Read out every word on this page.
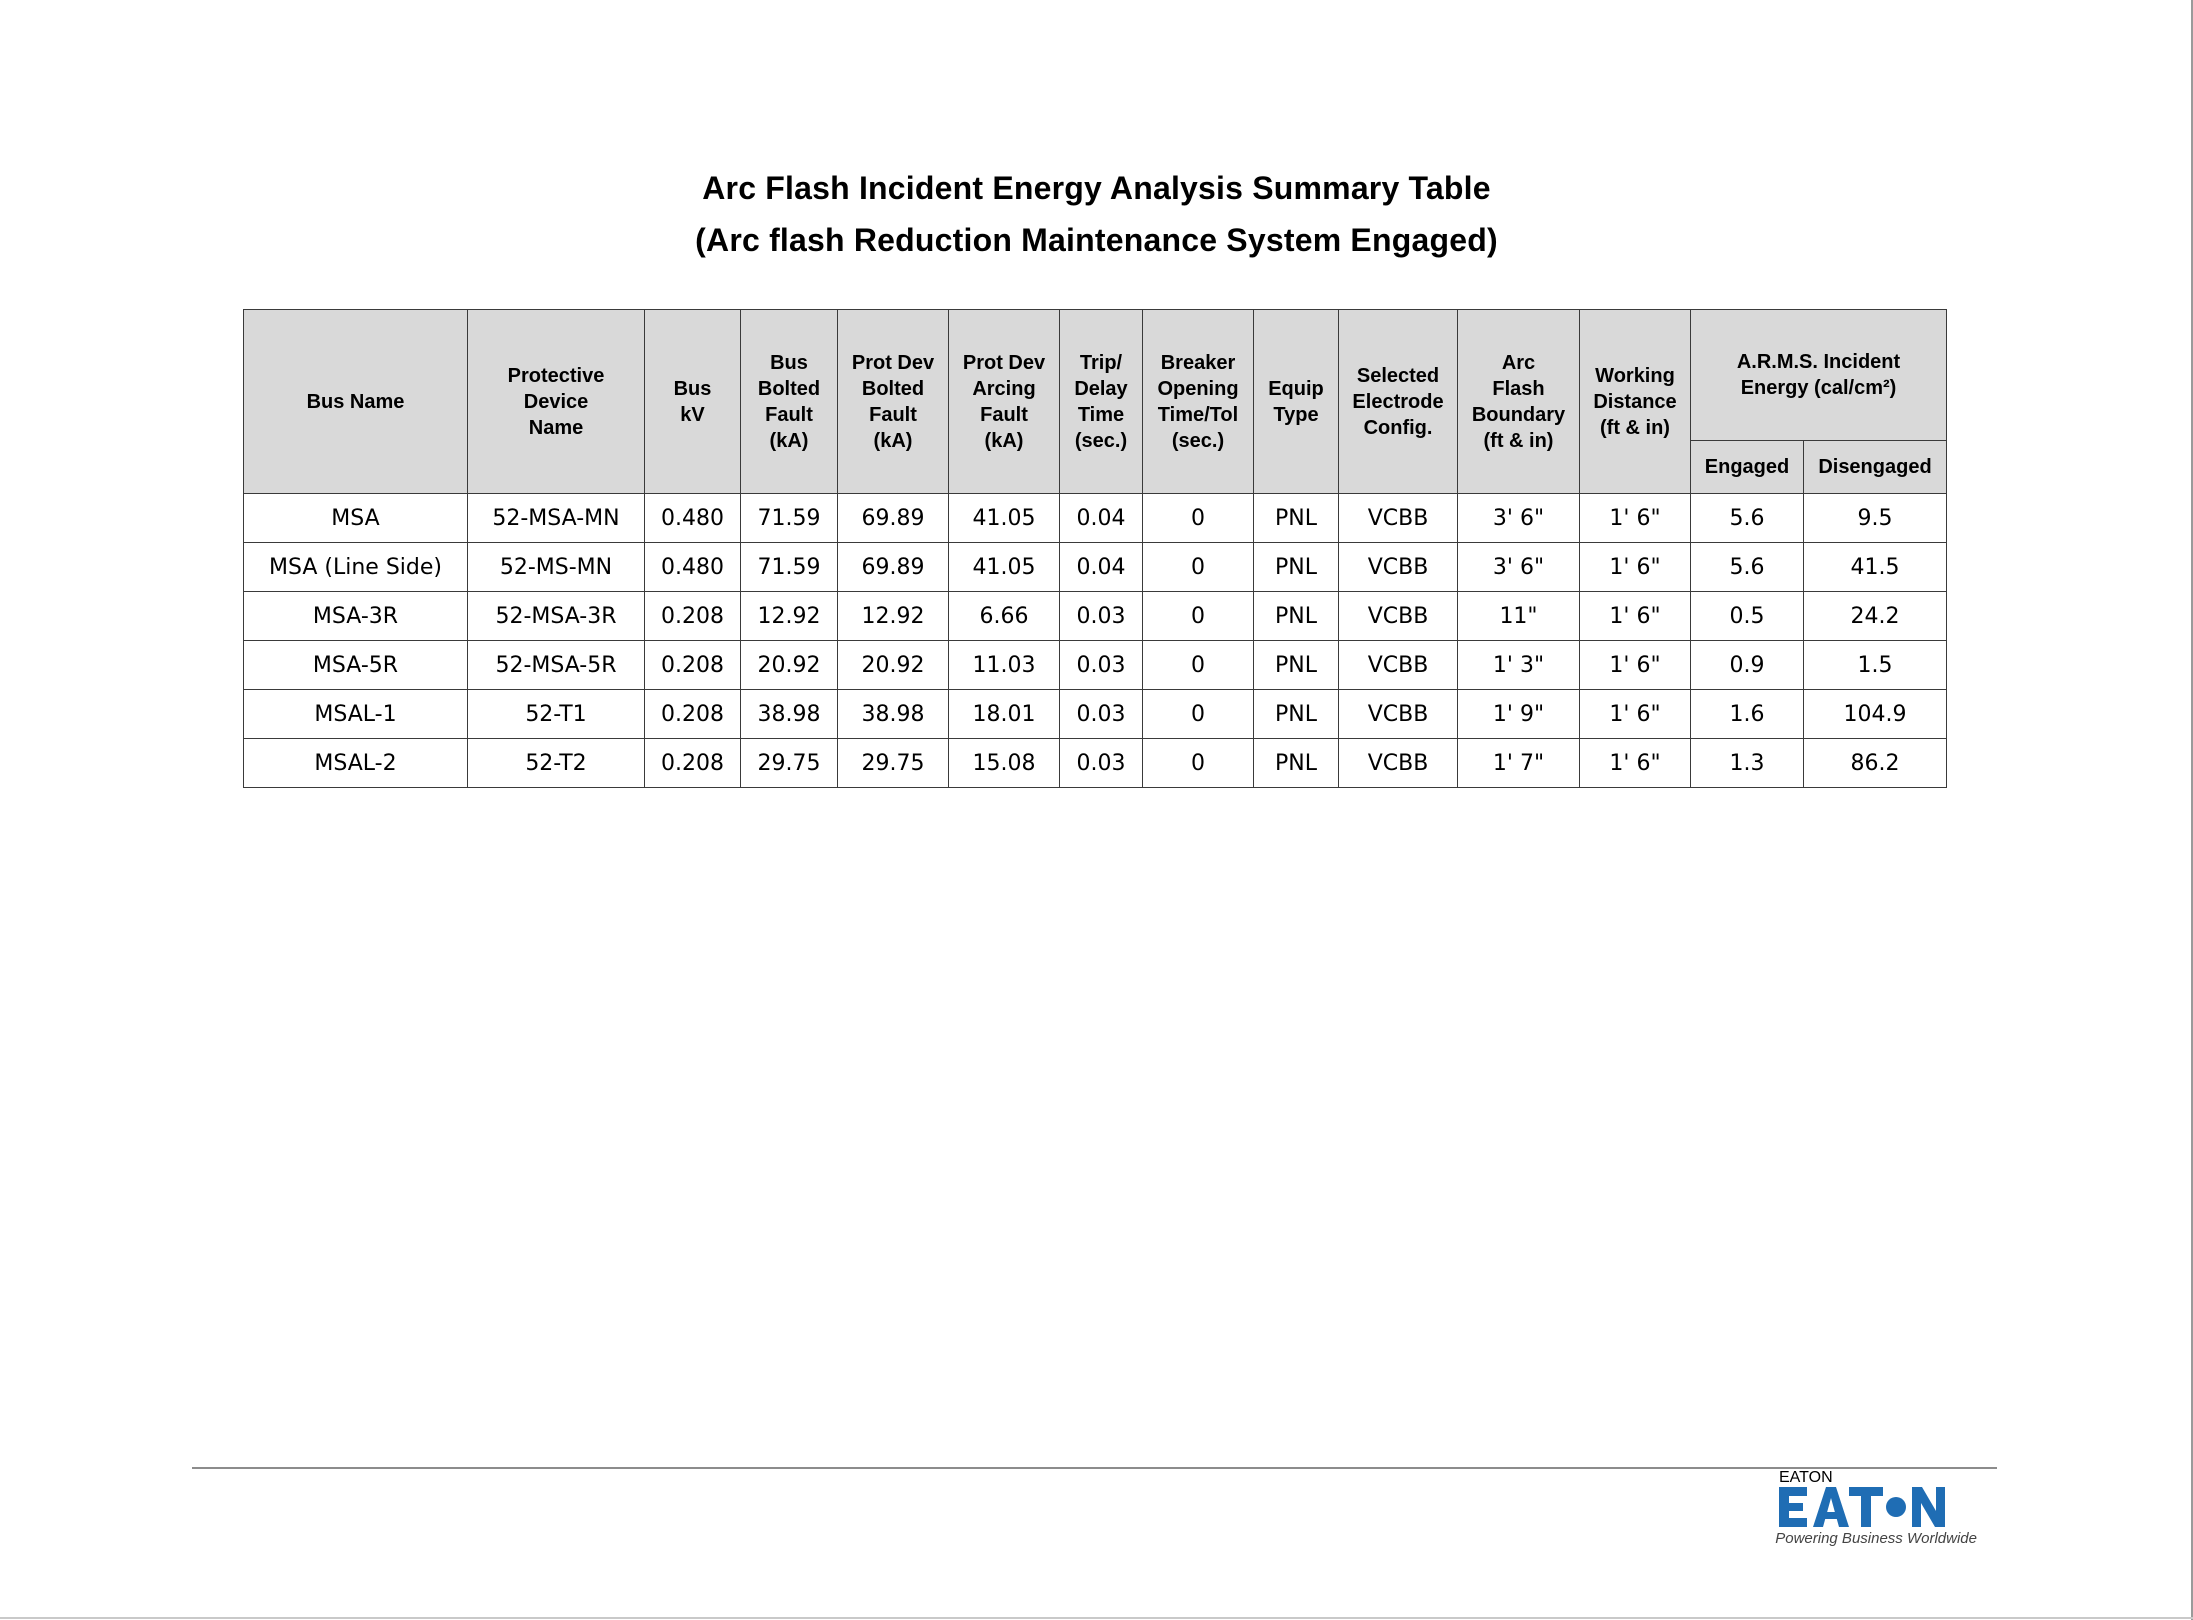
Arc Flash Incident Energy Analysis Summary Table
(Arc flash Reduction Maintenance System Engaged)
Bus Name	Protective
Device
Name	Bus
kV	Bus
Bolted
Fault
(kA)	Prot Dev
Bolted
Fault
(kA)	Prot Dev
Arcing
Fault
(kA)	Trip/
Delay
Time
(sec.)	Breaker
Opening
Time/Tol
(sec.)	Equip
Type	Selected
Electrode
Config.	Arc
Flash
Boundary
(ft & in)	Working
Distance
(ft & in)	A.R.M.S. Incident
Energy (cal/cm²)	
												Engaged	Disengaged
MSA	52-MSA-MN	0.480	71.59	69.89	41.05	0.04	0	PNL	VCBB	3' 6"	1' 6"	5.6	9.5
MSA (Line Side)	52-MS-MN	0.480	71.59	69.89	41.05	0.04	0	PNL	VCBB	3' 6"	1' 6"	5.6	41.5
MSA-3R	52-MSA-3R	0.208	12.92	12.92	6.66	0.03	0	PNL	VCBB	11"	1' 6"	0.5	24.2
MSA-5R	52-MSA-5R	0.208	20.92	20.92	11.03	0.03	0	PNL	VCBB	1' 3"	1' 6"	0.9	1.5
MSAL-1	52-T1	0.208	38.98	38.98	18.01	0.03	0	PNL	VCBB	1' 9"	1' 6"	1.6	104.9
MSAL-2	52-T2	0.208	29.75	29.75	15.08	0.03	0	PNL	VCBB	1' 7"	1' 6"	1.3	86.2
EATON
Powering Business Worldwide
